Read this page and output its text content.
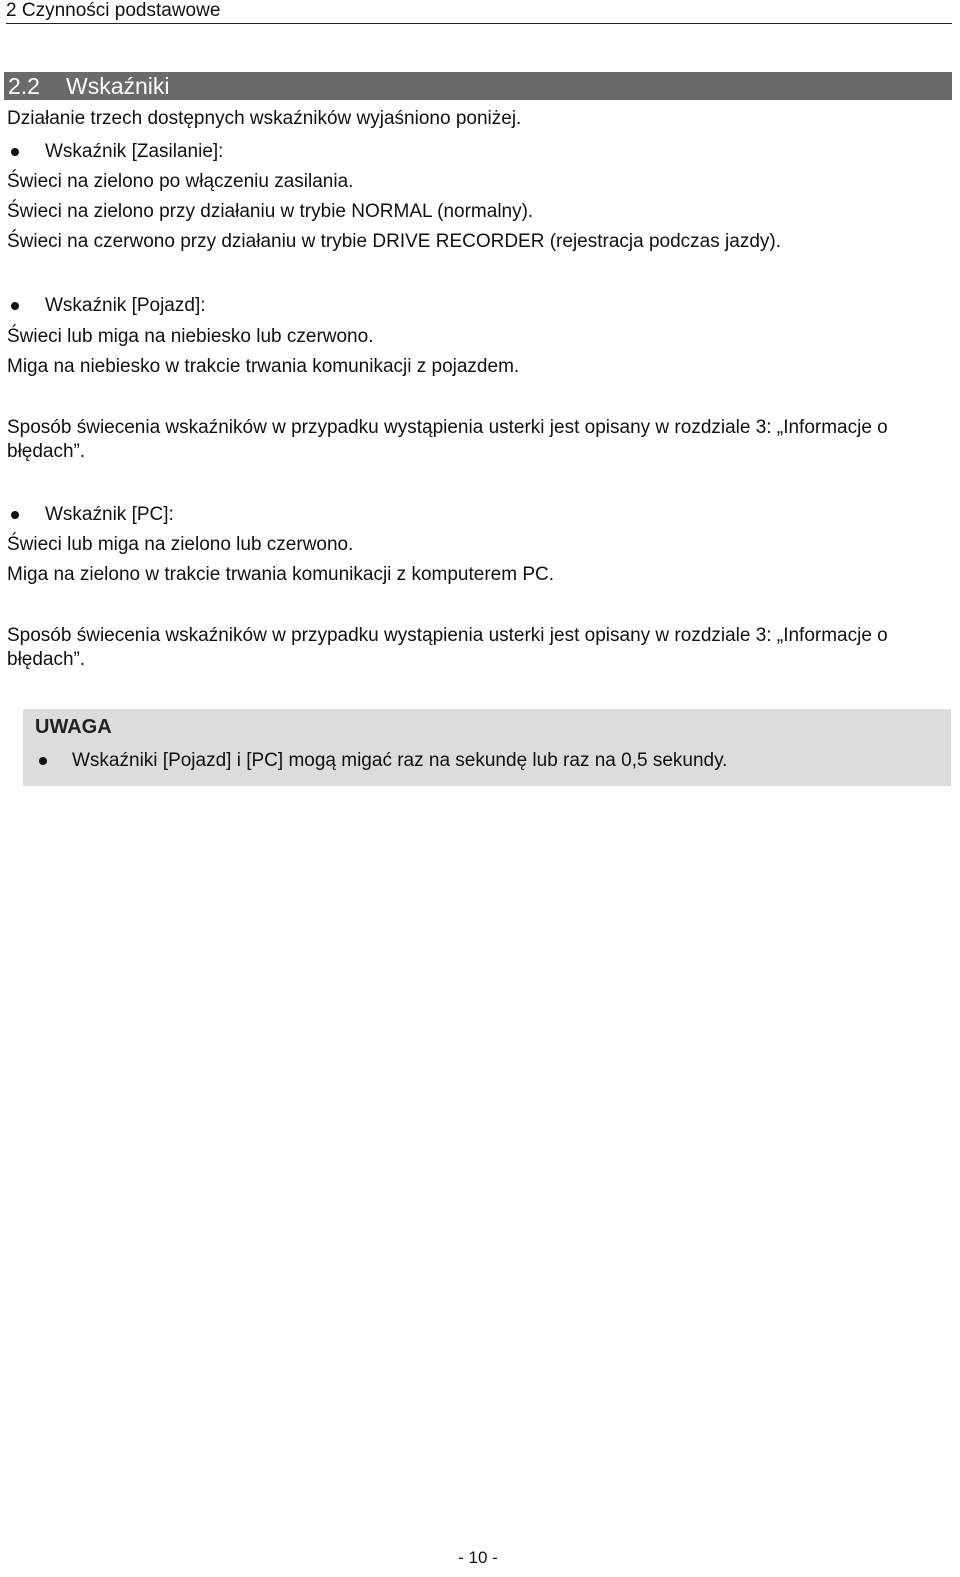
2 Czynności podstawowe
2.2 Wskaźniki
Działanie trzech dostępnych wskaźników wyjaśniono poniżej.
Wskaźnik [Zasilanie]:
Świeci na zielono po włączeniu zasilania.
Świeci na zielono przy działaniu w trybie NORMAL (normalny).
Świeci na czerwono przy działaniu w trybie DRIVE RECORDER (rejestracja podczas jazdy).
Wskaźnik [Pojazd]:
Świeci lub miga na niebiesko lub czerwono.
Miga na niebiesko w trakcie trwania komunikacji z pojazdem.
Sposób świecenia wskaźników w przypadku wystąpienia usterki jest opisany w rozdziale 3: „Informacje o błędach”.
Wskaźnik [PC]:
Świeci lub miga na zielono lub czerwono.
Miga na zielono w trakcie trwania komunikacji z komputerem PC.
Sposób świecenia wskaźników w przypadku wystąpienia usterki jest opisany w rozdziale 3: „Informacje o błędach”.
UWAGA
Wskaźniki [Pojazd] i [PC] mogą migać raz na sekundę lub raz na 0,5 sekundy.
- 10 -
